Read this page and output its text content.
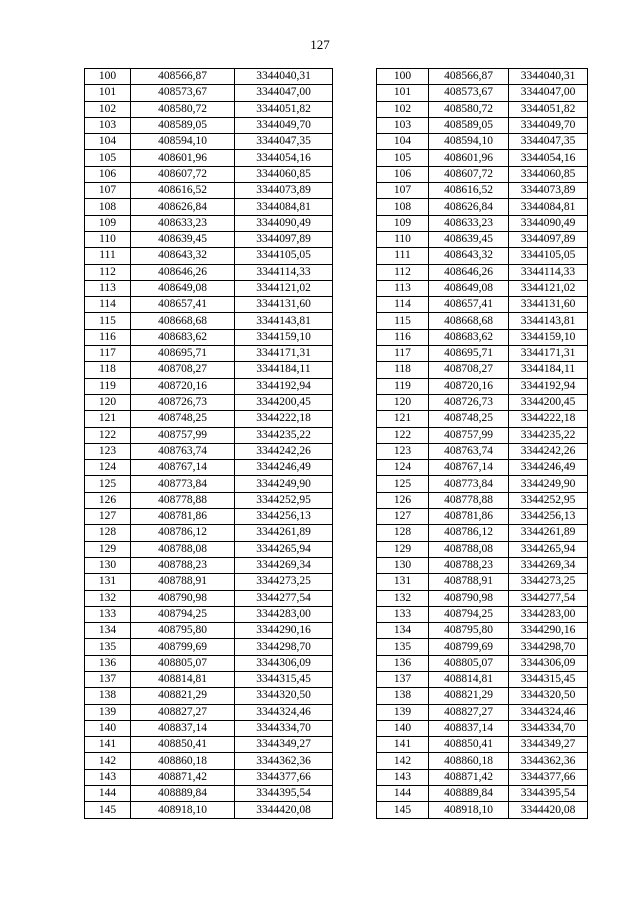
127
100	408566,87	3344040,31
101	408573,67	3344047,00
102	408580,72	3344051,82
103	408589,05	3344049,70
104	408594,10	3344047,35
105	408601,96	3344054,16
106	408607,72	3344060,85
107	408616,52	3344073,89
108	408626,84	3344084,81
109	408633,23	3344090,49
110	408639,45	3344097,89
111	408643,32	3344105,05
112	408646,26	3344114,33
113	408649,08	3344121,02
114	408657,41	3344131,60
115	408668,68	3344143,81
116	408683,62	3344159,10
117	408695,71	3344171,31
118	408708,27	3344184,11
119	408720,16	3344192,94
120	408726,73	3344200,45
121	408748,25	3344222,18
122	408757,99	3344235,22
123	408763,74	3344242,26
124	408767,14	3344246,49
125	408773,84	3344249,90
126	408778,88	3344252,95
127	408781,86	3344256,13
128	408786,12	3344261,89
129	408788,08	3344265,94
130	408788,23	3344269,34
131	408788,91	3344273,25
132	408790,98	3344277,54
133	408794,25	3344283,00
134	408795,80	3344290,16
135	408799,69	3344298,70
136	408805,07	3344306,09
137	408814,81	3344315,45
138	408821,29	3344320,50
139	408827,27	3344324,46
140	408837,14	3344334,70
141	408850,41	3344349,27
142	408860,18	3344362,36
143	408871,42	3344377,66
144	408889,84	3344395,54
145	408918,10	3344420,08
100	408566,87	3344040,31
101	408573,67	3344047,00
102	408580,72	3344051,82
103	408589,05	3344049,70
104	408594,10	3344047,35
105	408601,96	3344054,16
106	408607,72	3344060,85
107	408616,52	3344073,89
108	408626,84	3344084,81
109	408633,23	3344090,49
110	408639,45	3344097,89
111	408643,32	3344105,05
112	408646,26	3344114,33
113	408649,08	3344121,02
114	408657,41	3344131,60
115	408668,68	3344143,81
116	408683,62	3344159,10
117	408695,71	3344171,31
118	408708,27	3344184,11
119	408720,16	3344192,94
120	408726,73	3344200,45
121	408748,25	3344222,18
122	408757,99	3344235,22
123	408763,74	3344242,26
124	408767,14	3344246,49
125	408773,84	3344249,90
126	408778,88	3344252,95
127	408781,86	3344256,13
128	408786,12	3344261,89
129	408788,08	3344265,94
130	408788,23	3344269,34
131	408788,91	3344273,25
132	408790,98	3344277,54
133	408794,25	3344283,00
134	408795,80	3344290,16
135	408799,69	3344298,70
136	408805,07	3344306,09
137	408814,81	3344315,45
138	408821,29	3344320,50
139	408827,27	3344324,46
140	408837,14	3344334,70
141	408850,41	3344349,27
142	408860,18	3344362,36
143	408871,42	3344377,66
144	408889,84	3344395,54
145	408918,10	3344420,08
